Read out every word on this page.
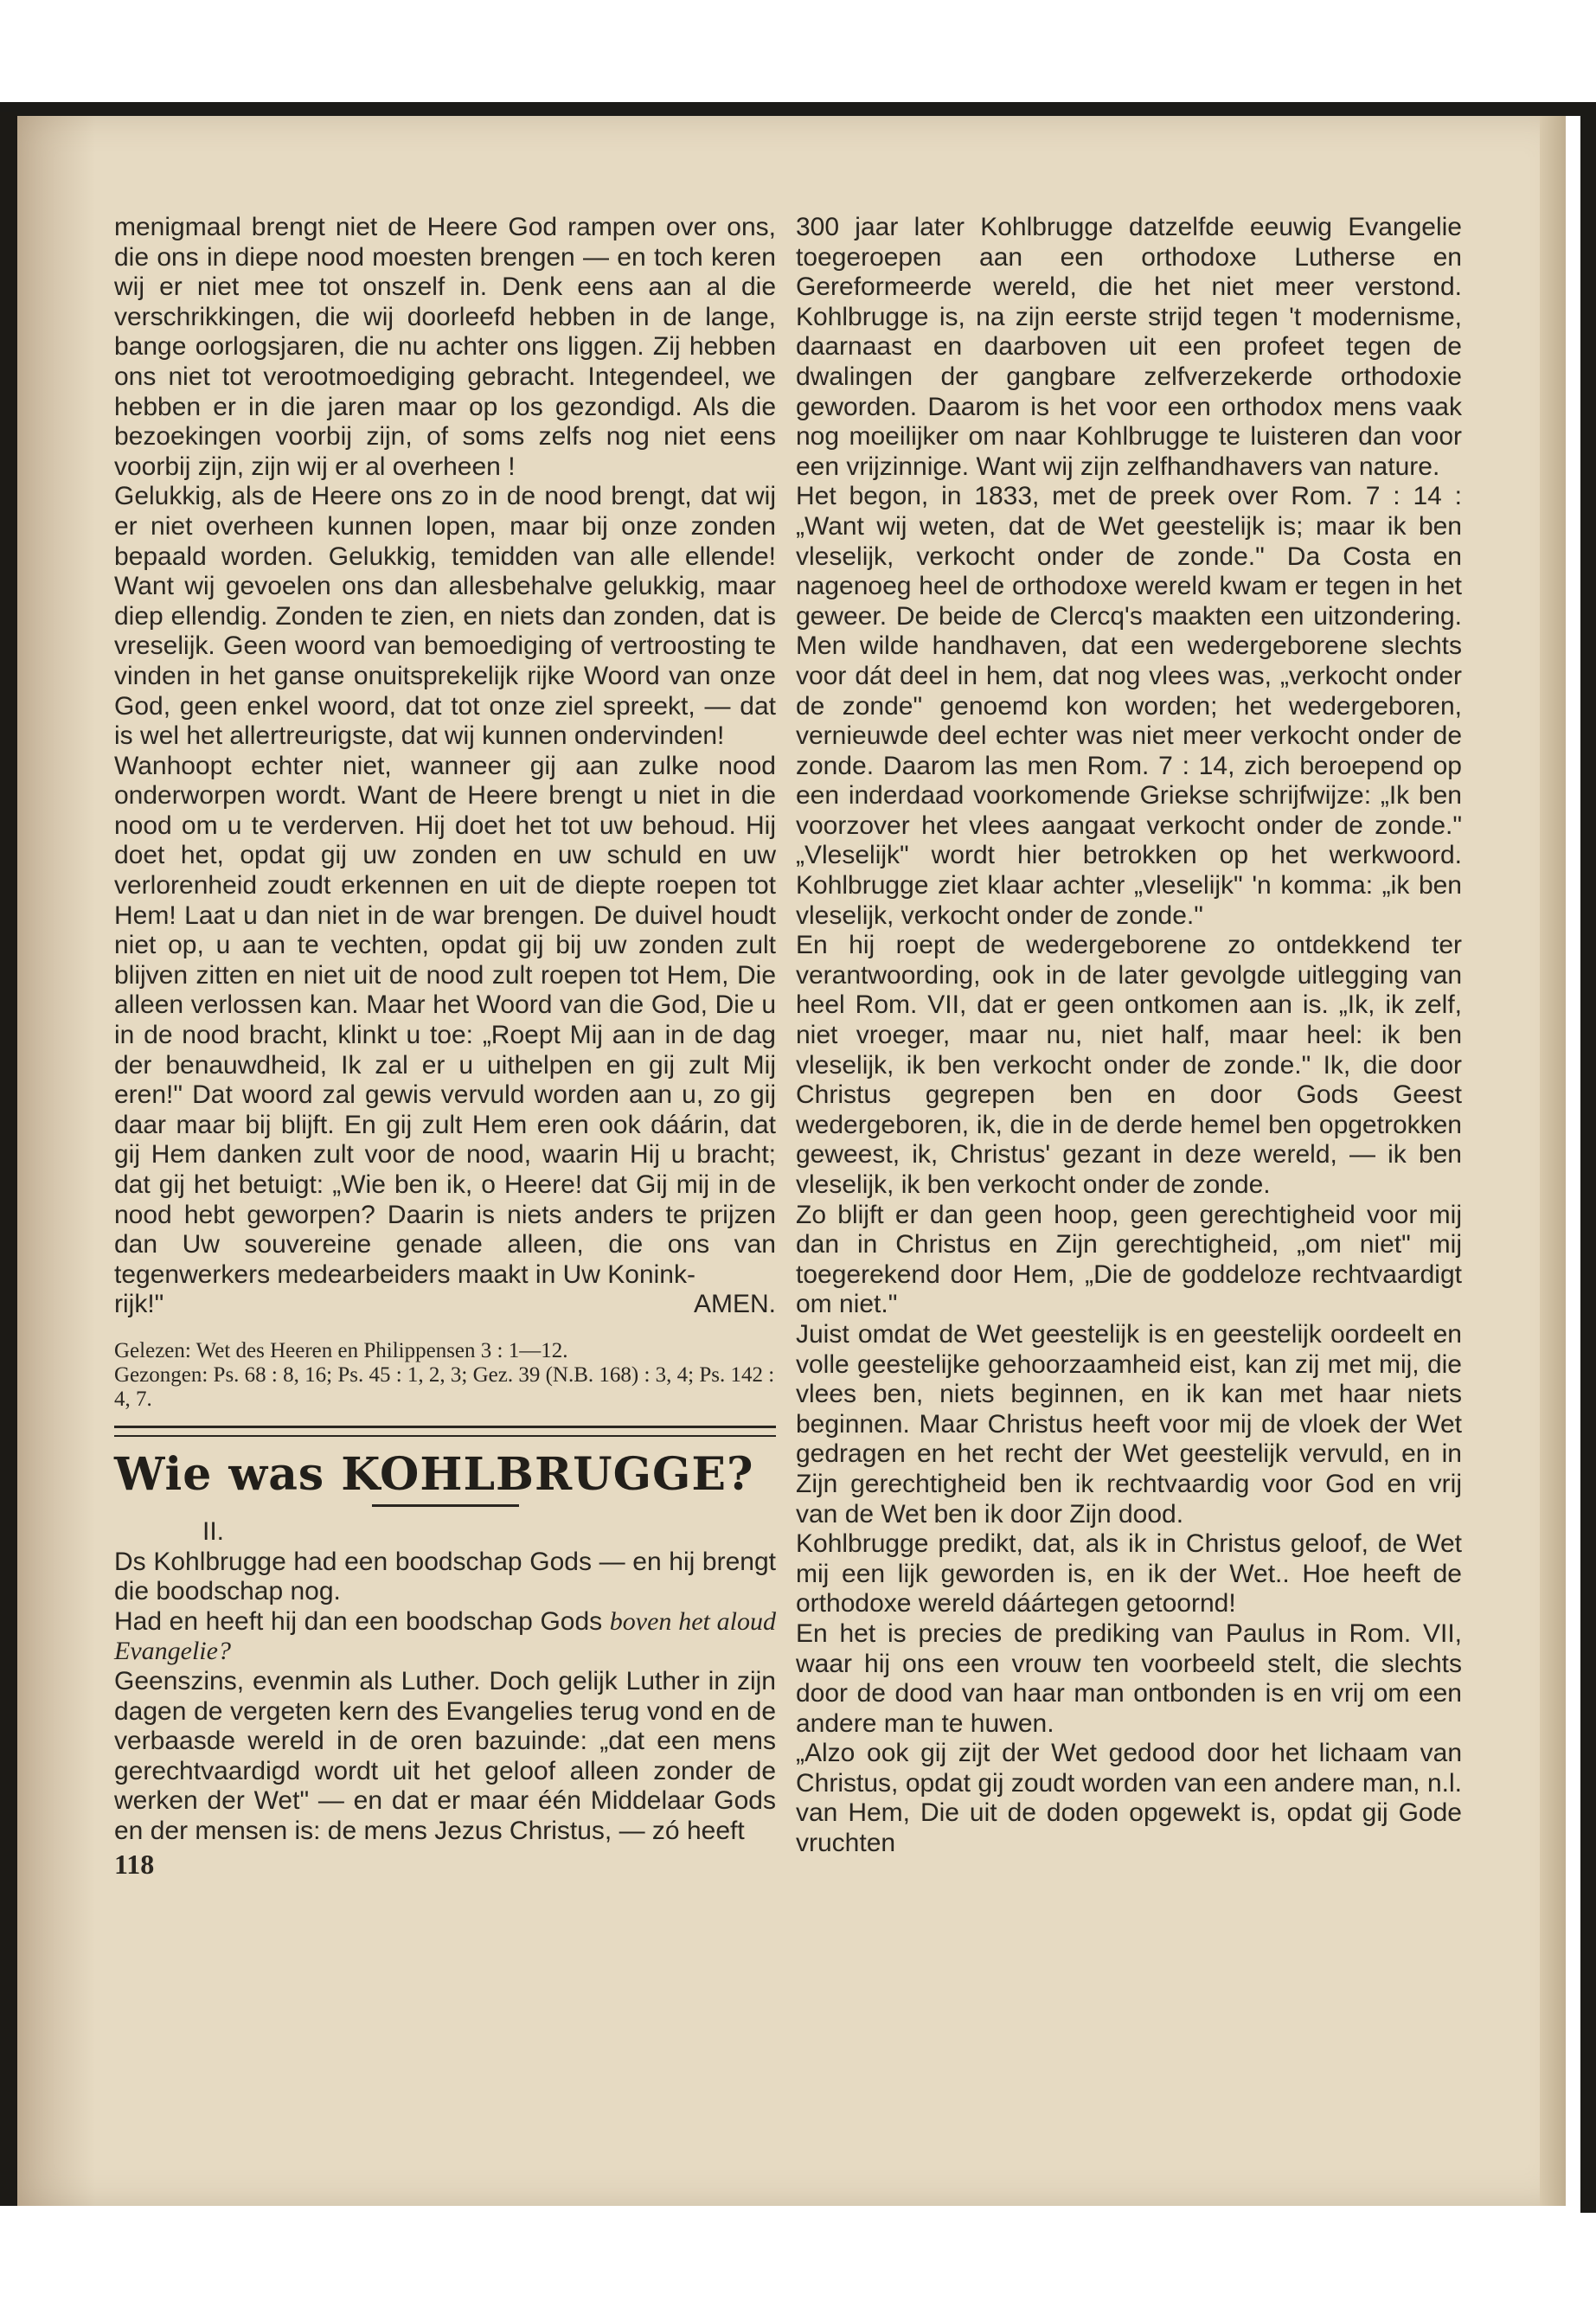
menigmaal brengt niet de Heere God rampen over ons, die ons in diepe nood moesten brengen — en toch keren wij er niet mee tot onszelf in. Denk eens aan al die verschrikkingen, die wij doorleefd hebben in de lange, bange oorlogsjaren, die nu achter ons liggen. Zij hebben ons niet tot verootmoediging gebracht. Integendeel, we hebben er in die jaren maar op los gezondigd. Als die bezoekingen voorbij zijn, of soms zelfs nog niet eens voorbij zijn, zijn wij er al overheen !

Gelukkig, als de Heere ons zo in de nood brengt, dat wij er niet overheen kunnen lopen, maar bij onze zonden bepaald worden. Gelukkig, temidden van alle ellende! Want wij gevoelen ons dan allesbehalve gelukkig, maar diep ellendig. Zonden te zien, en niets dan zonden, dat is vreselijk. Geen woord van bemoediging of vertroosting te vinden in het ganse onuitsprekelijk rijke Woord van onze God, geen enkel woord, dat tot onze ziel spreekt, — dat is wel het allertreurigste, dat wij kunnen ondervinden!

Wanhoopt echter niet, wanneer gij aan zulke nood onderworpen wordt. Want de Heere brengt u niet in die nood om u te verderven. Hij doet het tot uw behoud. Hij doet het, opdat gij uw zonden en uw schuld en uw verlorenheid zoudt erkennen en uit de diepte roepen tot Hem! Laat u dan niet in de war brengen. De duivel houdt niet op, u aan te vechten, opdat gij bij uw zonden zult blijven zitten en niet uit de nood zult roepen tot Hem, Die alleen verlossen kan. Maar het Woord van die God, Die u in de nood bracht, klinkt u toe: „Roept Mij aan in de dag der benauwdheid, Ik zal er u uithelpen en gij zult Mij eren!" Dat woord zal gewis vervuld worden aan u, zo gij daar maar bij blijft. En gij zult Hem eren ook dáárin, dat gij Hem danken zult voor de nood, waarin Hij u bracht; dat gij het betuigt: „Wie ben ik, o Heere! dat Gij mij in de nood hebt geworpen? Daarin is niets anders te prijzen dan Uw souvereine genade alleen, die ons van tegenwerkers medearbeiders maakt in Uw Konink-

rijk!"	AMEN.
Gelezen: Wet des Heeren en Philippensen 3 : 1—12.
Gezongen: Ps. 68 : 8, 16; Ps. 45 : 1, 2, 3; Gez. 39 (N.B. 168) : 3, 4; Ps. 142 : 4, 7.
Wie was KOHLBRUGGE?
II.

Ds Kohlbrugge had een boodschap Gods — en hij brengt die boodschap nog.

Had en heeft hij dan een boodschap Gods boven het aloud Evangelie?

Geenszins, evenmin als Luther. Doch gelijk Luther in zijn dagen de vergeten kern des Evangelies terug vond en de verbaasde wereld in de oren bazuinde: „dat een mens gerechtvaardigd wordt uit het geloof alleen zonder de werken der Wet" — en dat er maar één Middelaar Gods en der mensen is: de mens Jezus Christus, — zó heeft

118

300 jaar later Kohlbrugge datzelfde eeuwig Evangelie toegeroepen aan een orthodoxe Lutherse en Gereformeerde wereld, die het niet meer verstond. Kohlbrugge is, na zijn eerste strijd tegen 't modernisme, daarnaast en daarboven uit een profeet tegen de dwalingen der gangbare zelfverzekerde orthodoxie geworden. Daarom is het voor een orthodox mens vaak nog moeilijker om naar Kohlbrugge te luisteren dan voor een vrijzinnige. Want wij zijn zelfhandhavers van nature.

Het begon, in 1833, met de preek over Rom. 7 : 14 : „Want wij weten, dat de Wet geestelijk is; maar ik ben vleselijk, verkocht onder de zonde." Da Costa en nagenoeg heel de orthodoxe wereld kwam er tegen in het geweer. De beide de Clercq's maakten een uitzondering. Men wilde handhaven, dat een wedergeborene slechts voor dát deel in hem, dat nog vlees was, „verkocht onder de zonde" genoemd kon worden; het wedergeboren, vernieuwde deel echter was niet meer verkocht onder de zonde. Daarom las men Rom. 7 : 14, zich beroepend op een inderdaad voorkomende Griekse schrijfwijze: „Ik ben voorzover het vlees aangaat verkocht onder de zonde." „Vleselijk" wordt hier betrokken op het werkwoord. Kohlbrugge ziet klaar achter „vleselijk" 'n komma: „ik ben vleselijk, verkocht onder de zonde."

En hij roept de wedergeborene zo ontdekkend ter verantwoording, ook in de later gevolgde uitlegging van heel Rom. VII, dat er geen ontkomen aan is. „Ik, ik zelf, niet vroeger, maar nu, niet half, maar heel: ik ben vleselijk, ik ben verkocht onder de zonde." Ik, die door Christus gegrepen ben en door Gods Geest wedergeboren, ik, die in de derde hemel ben opgetrokken geweest, ik, Christus' gezant in deze wereld, — ik ben vleselijk, ik ben verkocht onder de zonde.

Zo blijft er dan geen hoop, geen gerechtigheid voor mij dan in Christus en Zijn gerechtigheid, „om niet" mij toegerekend door Hem, „Die de goddeloze rechtvaardigt om niet."

Juist omdat de Wet geestelijk is en geestelijk oordeelt en volle geestelijke gehoorzaamheid eist, kan zij met mij, die vlees ben, niets beginnen, en ik kan met haar niets beginnen. Maar Christus heeft voor mij de vloek der Wet gedragen en het recht der Wet geestelijk vervuld, en in Zijn gerechtigheid ben ik rechtvaardig voor God en vrij van de Wet ben ik door Zijn dood.

Kohlbrugge predikt, dat, als ik in Christus geloof, de Wet mij een lijk geworden is, en ik der Wet.. Hoe heeft de orthodoxe wereld dáártegen getoornd!

En het is precies de prediking van Paulus in Rom. VII, waar hij ons een vrouw ten voorbeeld stelt, die slechts door de dood van haar man ontbonden is en vrij om een andere man te huwen.

„Alzo ook gij zijt der Wet gedood door het lichaam van Christus, opdat gij zoudt worden van een andere man, n.l. van Hem, Die uit de doden opgewekt is, opdat gij Gode vruchten
